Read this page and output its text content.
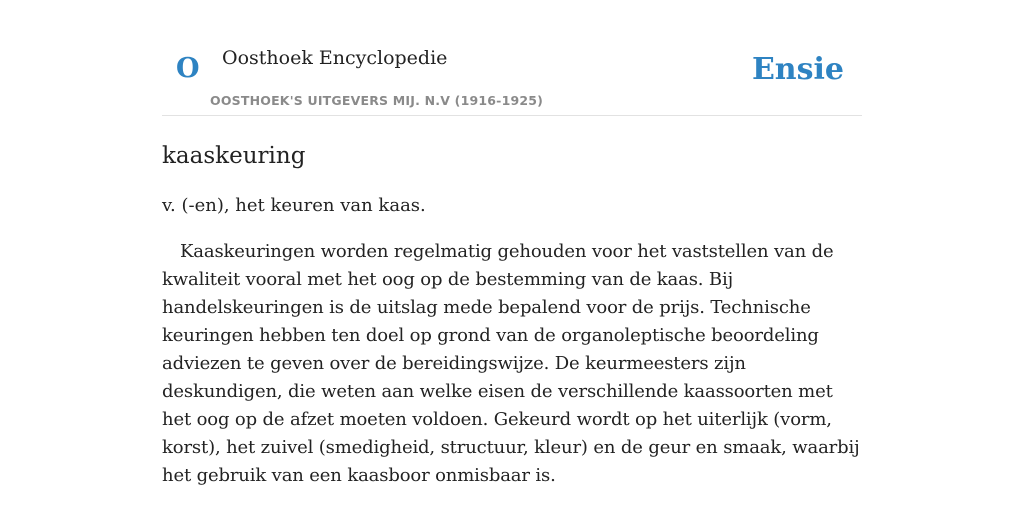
O Oosthoek Encyclopedie
OOSTHOEK'S UITGEVERS MIJ. N.V (1916-1925)
Ensie
kaaskeuring

v. (-en), het keuren van kaas.

Kaaskeuringen worden regelmatig gehouden voor het vaststellen van de kwaliteit vooral met het oog op de bestemming van de kaas. Bij handelskeuringen is de uitslag mede bepalend voor de prijs. Technische keuringen hebben ten doel op grond van de organoleptische beoordeling adviezen te geven over de bereidingswijze. De keurmeesters zijn deskundigen, die weten aan welke eisen de verschillende kaassoorten met het oog op de afzet moeten voldoen. Gekeurd wordt op het uiterlijk (vorm, korst), het zuivel (smedigheid, structuur, kleur) en de geur en smaak, waarbij het gebruik van een kaasboor onmisbaar is.
